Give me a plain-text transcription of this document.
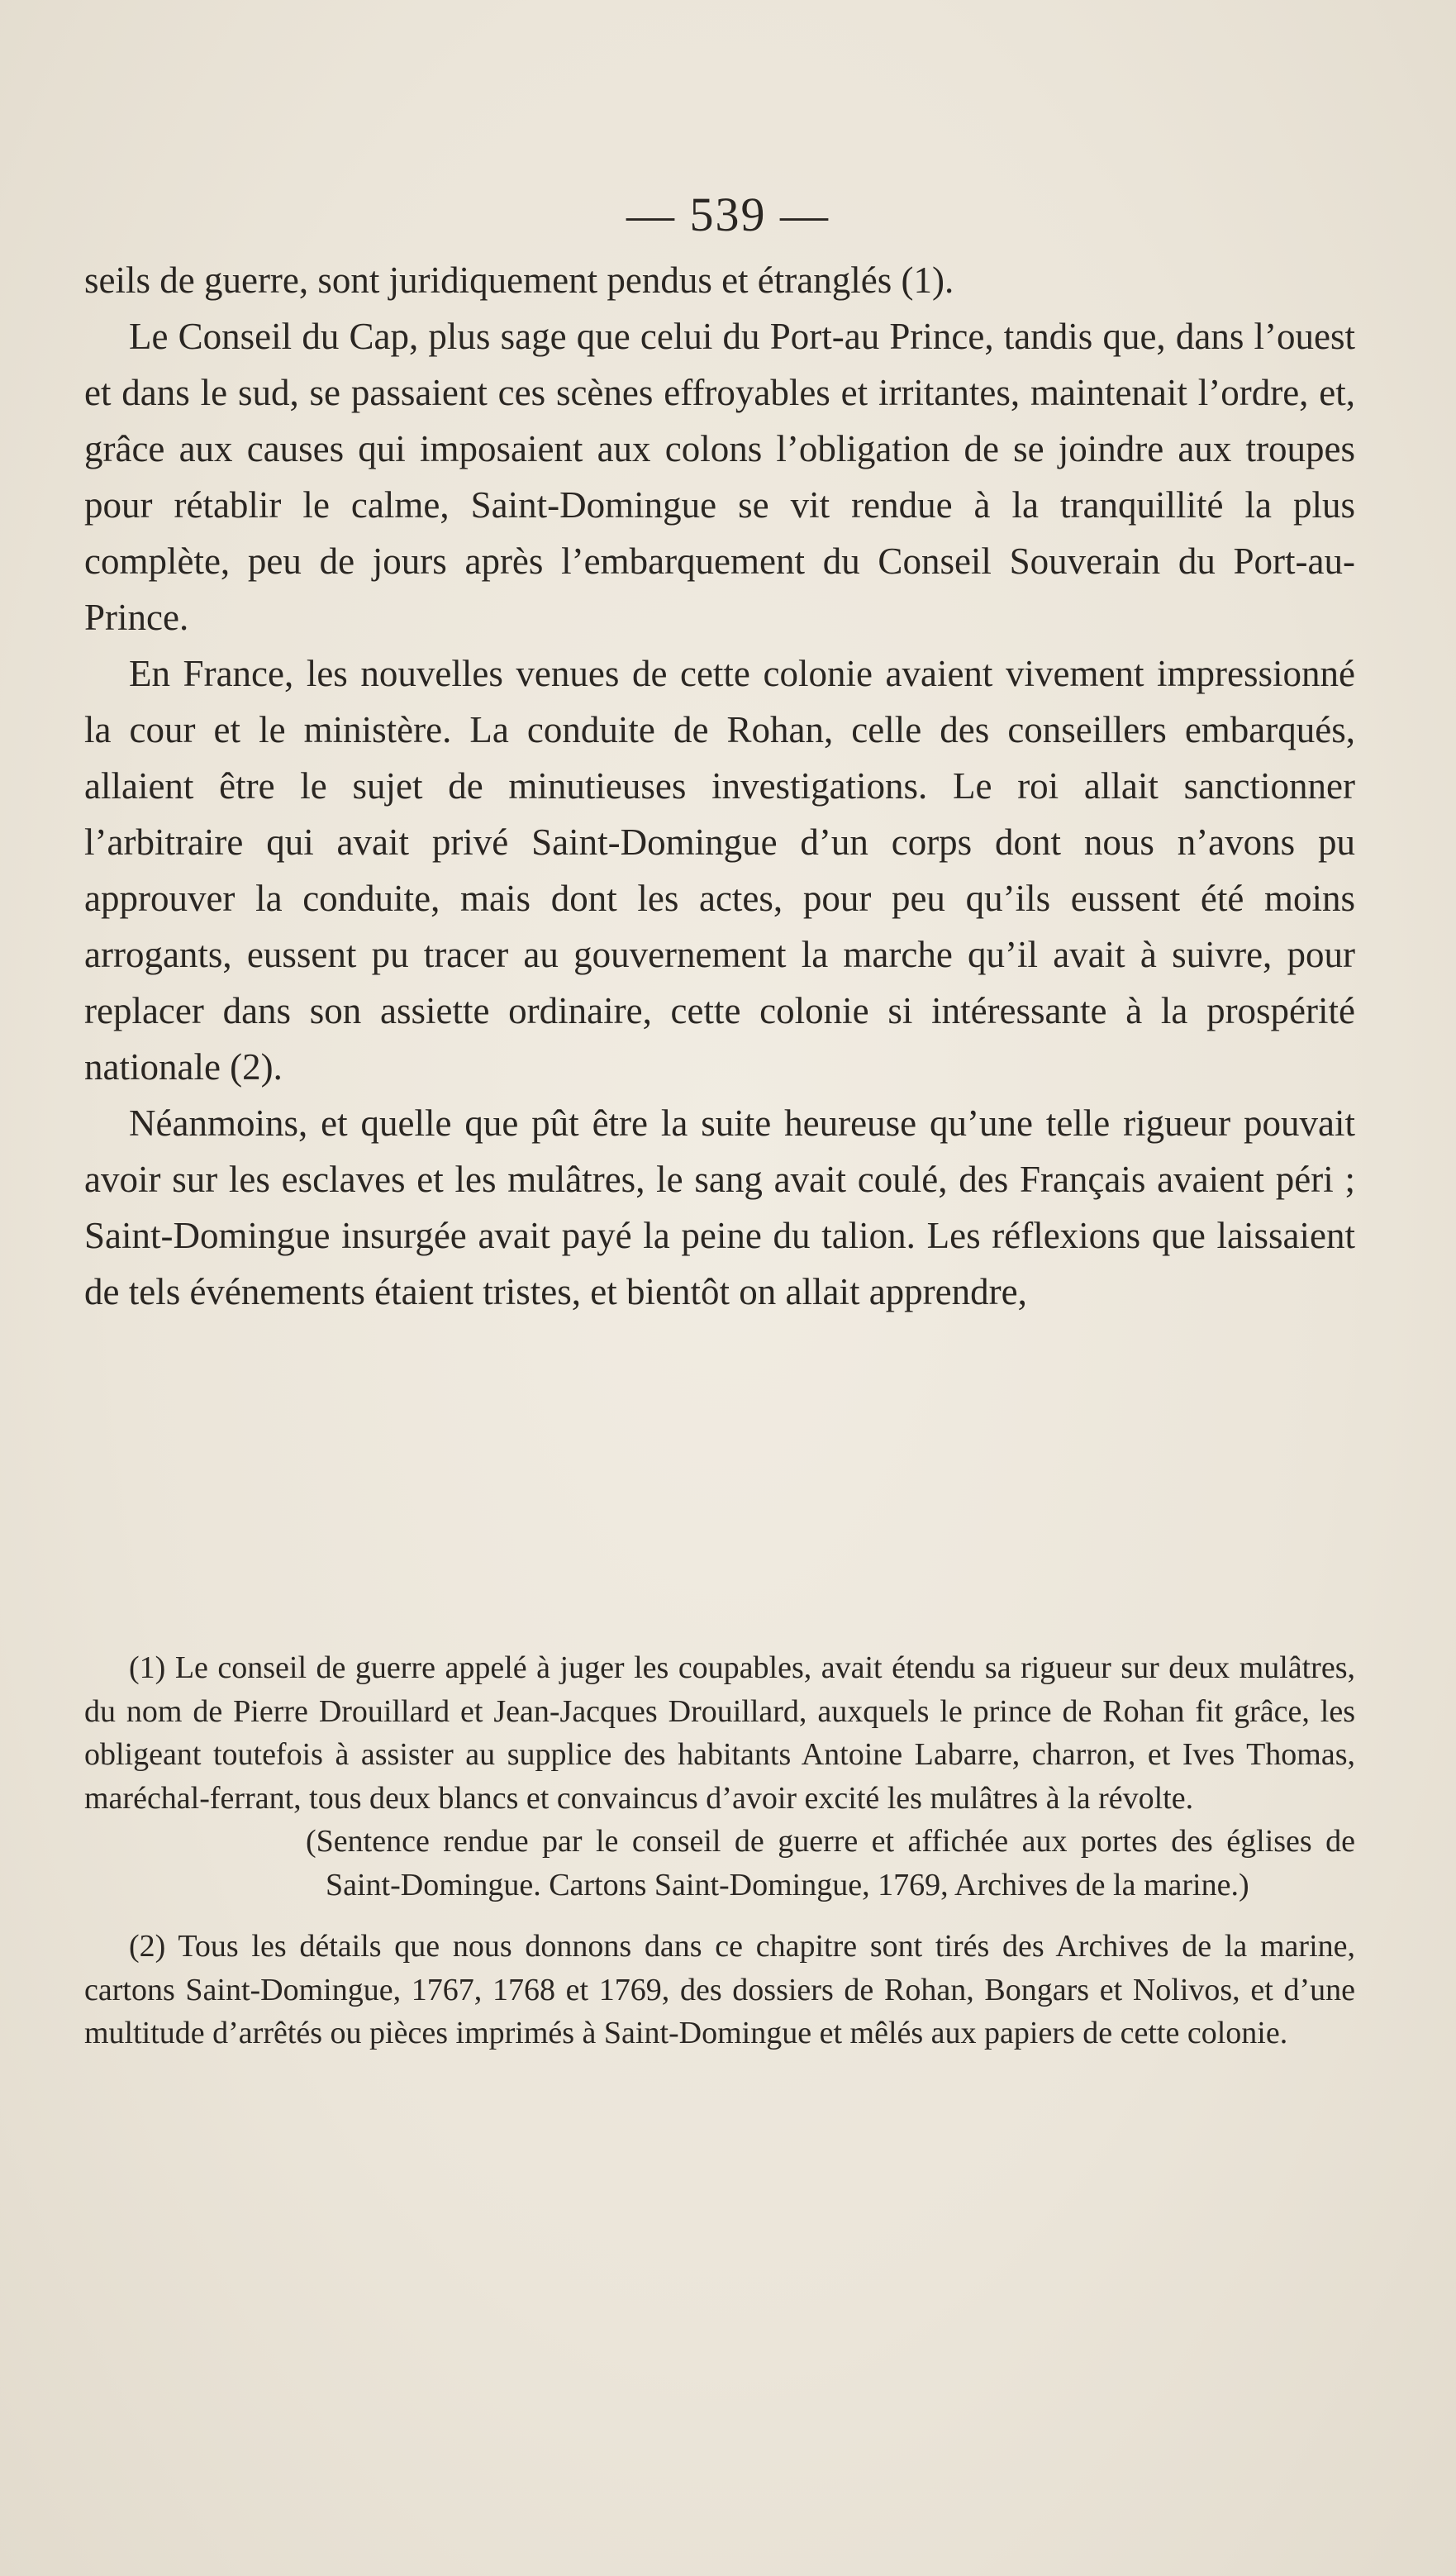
— 539 —

seils de guerre, sont juridiquement pendus et étranglés (1).

Le Conseil du Cap, plus sage que celui du Port-au Prince, tandis que, dans l’ouest et dans le sud, se passaient ces scènes effroyables et irritantes, maintenait l’ordre, et, grâce aux causes qui imposaient aux colons l’obligation de se joindre aux troupes pour rétablir le calme, Saint-Domingue se vit rendue à la tranquillité la plus complète, peu de jours après l’embarquement du Conseil Souverain du Port-au-Prince.

En France, les nouvelles venues de cette colonie avaient vivement impressionné la cour et le ministère. La conduite de Rohan, celle des conseillers embarqués, allaient être le sujet de minutieuses investigations. Le roi allait sanctionner l’arbitraire qui avait privé Saint-Domingue d’un corps dont nous n’avons pu approuver la conduite, mais dont les actes, pour peu qu’ils eussent été moins arrogants, eussent pu tracer au gouvernement la marche qu’il avait à suivre, pour replacer dans son assiette ordinaire, cette colonie si intéressante à la prospérité nationale (2).

Néanmoins, et quelle que pût être la suite heureuse qu’une telle rigueur pouvait avoir sur les esclaves et les mulâtres, le sang avait coulé, des Français avaient péri ; Saint-Domingue insurgée avait payé la peine du talion. Les réflexions que laissaient de tels événements étaient tristes, et bientôt on allait apprendre,

(1) Le conseil de guerre appelé à juger les coupables, avait étendu sa rigueur sur deux mulâtres, du nom de Pierre Drouillard et Jean-Jacques Drouillard, auxquels le prince de Rohan fit grâce, les obligeant toutefois à assister au supplice des habitants Antoine Labarre, charron, et Ives Thomas, maréchal-ferrant, tous deux blancs et convaincus d’avoir excité les mulâtres à la révolte.

(Sentence rendue par le conseil de guerre et affichée aux portes des églises de Saint-Domingue. Cartons Saint-Domingue, 1769, Archives de la marine.)

(2) Tous les détails que nous donnons dans ce chapitre sont tirés des Archives de la marine, cartons Saint-Domingue, 1767, 1768 et 1769, des dossiers de Rohan, Bongars et Nolivos, et d’une multitude d’arrêtés ou pièces imprimés à Saint-Domingue et mêlés aux papiers de cette colonie.
